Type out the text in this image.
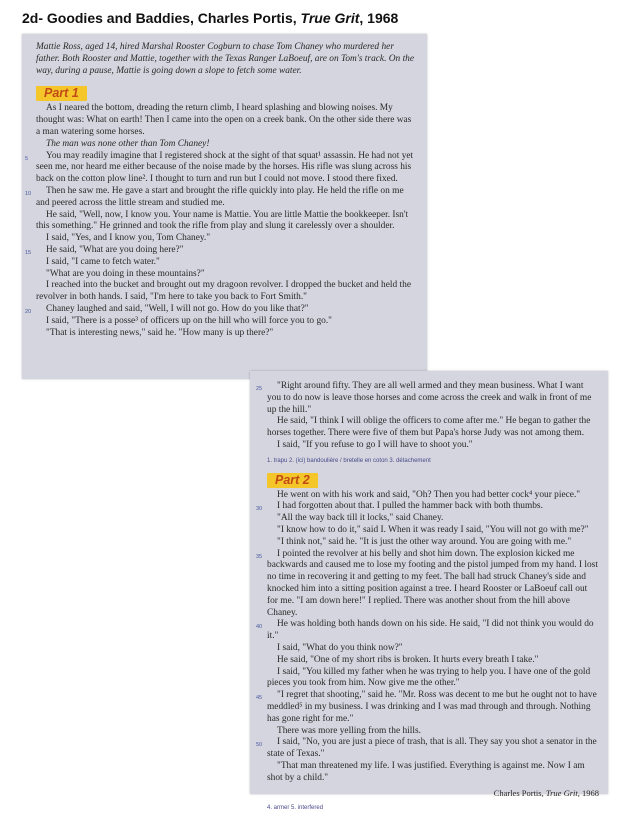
2d- Goodies and Baddies, Charles Portis, True Grit, 1968

Mattie Ross, aged 14, hired Marshal Rooster Cogburn to chase Tom Chaney who murdered her father. Both Rooster and Mattie, together with the Texas Ranger LaBoeuf, are on Tom's track. On the way, during a pause, Mattie is going down a slope to fetch some water.

Part 1

As I neared the bottom, dreading the return climb, I heard splashing and blowing noises. My thought was: What on earth! Then I came into the open on a creek bank. On the other side there was a man watering some horses.

The man was none other than Tom Chaney!

5 You may readily imagine that I registered shock at the sight of that squat¹ assassin. He had not yet seen me, nor heard me either because of the noise made by the horses. His rifle was slung across his back on the cotton plow line². I thought to turn and run but I could not move. I stood there fixed.

10 Then he saw me. He gave a start and brought the rifle quickly into play. He held the rifle on me and peered across the little stream and studied me.

He said, "Well, now, I know you. Your name is Mattie. You are little Mattie the bookkeeper. Isn't this something." He grinned and took the rifle from play and slung it carelessly over a shoulder.

I said, "Yes, and I know you, Tom Chaney."

15 He said, "What are you doing here?"

I said, "I came to fetch water."

"What are you doing in these mountains?"

I reached into the bucket and brought out my dragoon revolver. I dropped the bucket and held the revolver in both hands. I said, "I'm here to take you back to Fort Smith."

20 Chaney laughed and said, "Well, I will not go. How do you like that?"

I said, "There is a posse³ of officers up on the hill who will force you to go."

"That is interesting news," said he. "How many is up there?"

25 "Right around fifty. They are all well armed and they mean business. What I want you to do now is leave those horses and come across the creek and walk in front of me up the hill."

He said, "I think I will oblige the officers to come after me." He began to gather the horses together. There were five of them but Papa's horse Judy was not among them.

I said, "If you refuse to go I will have to shoot you."

1. trapu 2. (ici) bandoulière / bretelle en coton 3. détachement
Part 2

He went on with his work and said, "Oh? Then you had better cock⁴ your piece."

30 I had forgotten about that. I pulled the hammer back with both thumbs.

"All the way back till it locks," said Chaney.

"I know how to do it," said I. When it was ready I said, "You will not go with me?"

"I think not," said he. "It is just the other way around. You are going with me."

35 I pointed the revolver at his belly and shot him down. The explosion kicked me backwards and caused me to lose my footing and the pistol jumped from my hand. I lost no time in recovering it and getting to my feet. The ball had struck Chaney's side and knocked him into a sitting position against a tree. I heard Rooster or LaBoeuf call out for me. "I am down here!" I replied. There was another shout from the hill above Chaney.

40 He was holding both hands down on his side. He said, "I did not think you would do it."

I said, "What do you think now?"

He said, "One of my short ribs is broken. It hurts every breath I take."

I said, "You killed my father when he was trying to help you. I have one of the gold pieces you took from him. Now give me the other."

45 "I regret that shooting," said he. "Mr. Ross was decent to me but he ought not to have meddled⁵ in my business. I was drinking and I was mad through and through. Nothing has gone right for me."

There was more yelling from the hills.

50 I said, "No, you are just a piece of trash, that is all. They say you shot a senator in the state of Texas."

"That man threatened my life. I was justified. Everything is against me. Now I am shot by a child."

Charles Portis, True Grit, 1968
4. armer 5. interfered
